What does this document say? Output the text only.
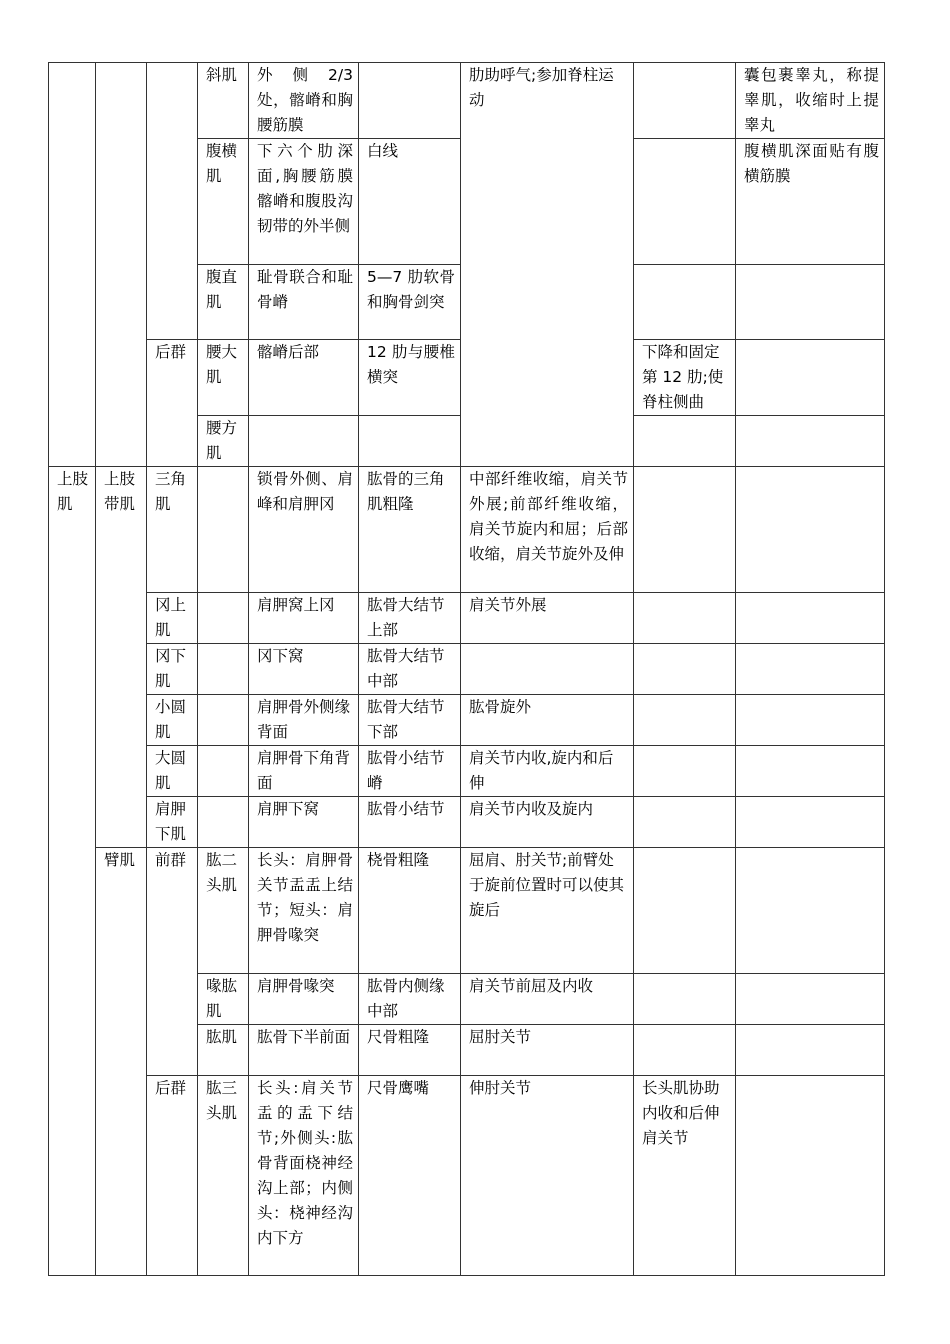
			斜肌	外 侧 2/3 处，髂嵴和胸腰筋膜		肋助呼气;参加脊柱运动		囊包裹睾丸，称提睾肌，收缩时上提睾丸
			腹横肌	下六个肋深面,胸腰筋膜髂嵴和腹股沟韧带的外半侧	白线			腹横肌深面贴有腹横筋膜
			腹直肌	耻骨联合和耻骨嵴	5—7 肋软骨和胸骨剑突			
		后群	腰大肌	髂嵴后部	12 肋与腰椎横突		下降和固定第 12 肋;使脊柱侧曲	
			腰方肌					
上肢肌	上肢带肌	三角肌		锁骨外侧、肩峰和肩胛冈	肱骨的三角肌粗隆	中部纤维收缩，肩关节外展;前部纤维收缩，肩关节旋内和屈；后部收缩，肩关节旋外及伸		
		冈上肌		肩胛窝上冈	肱骨大结节上部	肩关节外展		
		冈下肌		冈下窝	肱骨大结节中部			
		小圆肌		肩胛骨外侧缘背面	肱骨大结节下部	肱骨旋外		
		大圆肌		肩胛骨下角背面	肱骨小结节嵴	肩关节内收,旋内和后伸		
		肩胛下肌		肩胛下窝	肱骨小结节	肩关节内收及旋内		
	臂肌	前群	肱二头肌	长头：肩胛骨关节盂盂上结节；短头：肩胛骨喙突	桡骨粗隆	屈肩、肘关节;前臂处于旋前位置时可以使其旋后		
			喙肱肌	肩胛骨喙突	肱骨内侧缘中部	肩关节前屈及内收		
			肱肌	肱骨下半前面	尺骨粗隆	屈肘关节		
		后群	肱三头肌	长头:肩关节盂的盂下结节;外侧头:肱骨背面桡神经沟上部；内侧头：桡神经沟内下方	尺骨鹰嘴	伸肘关节	长头肌协助内收和后伸肩关节	
